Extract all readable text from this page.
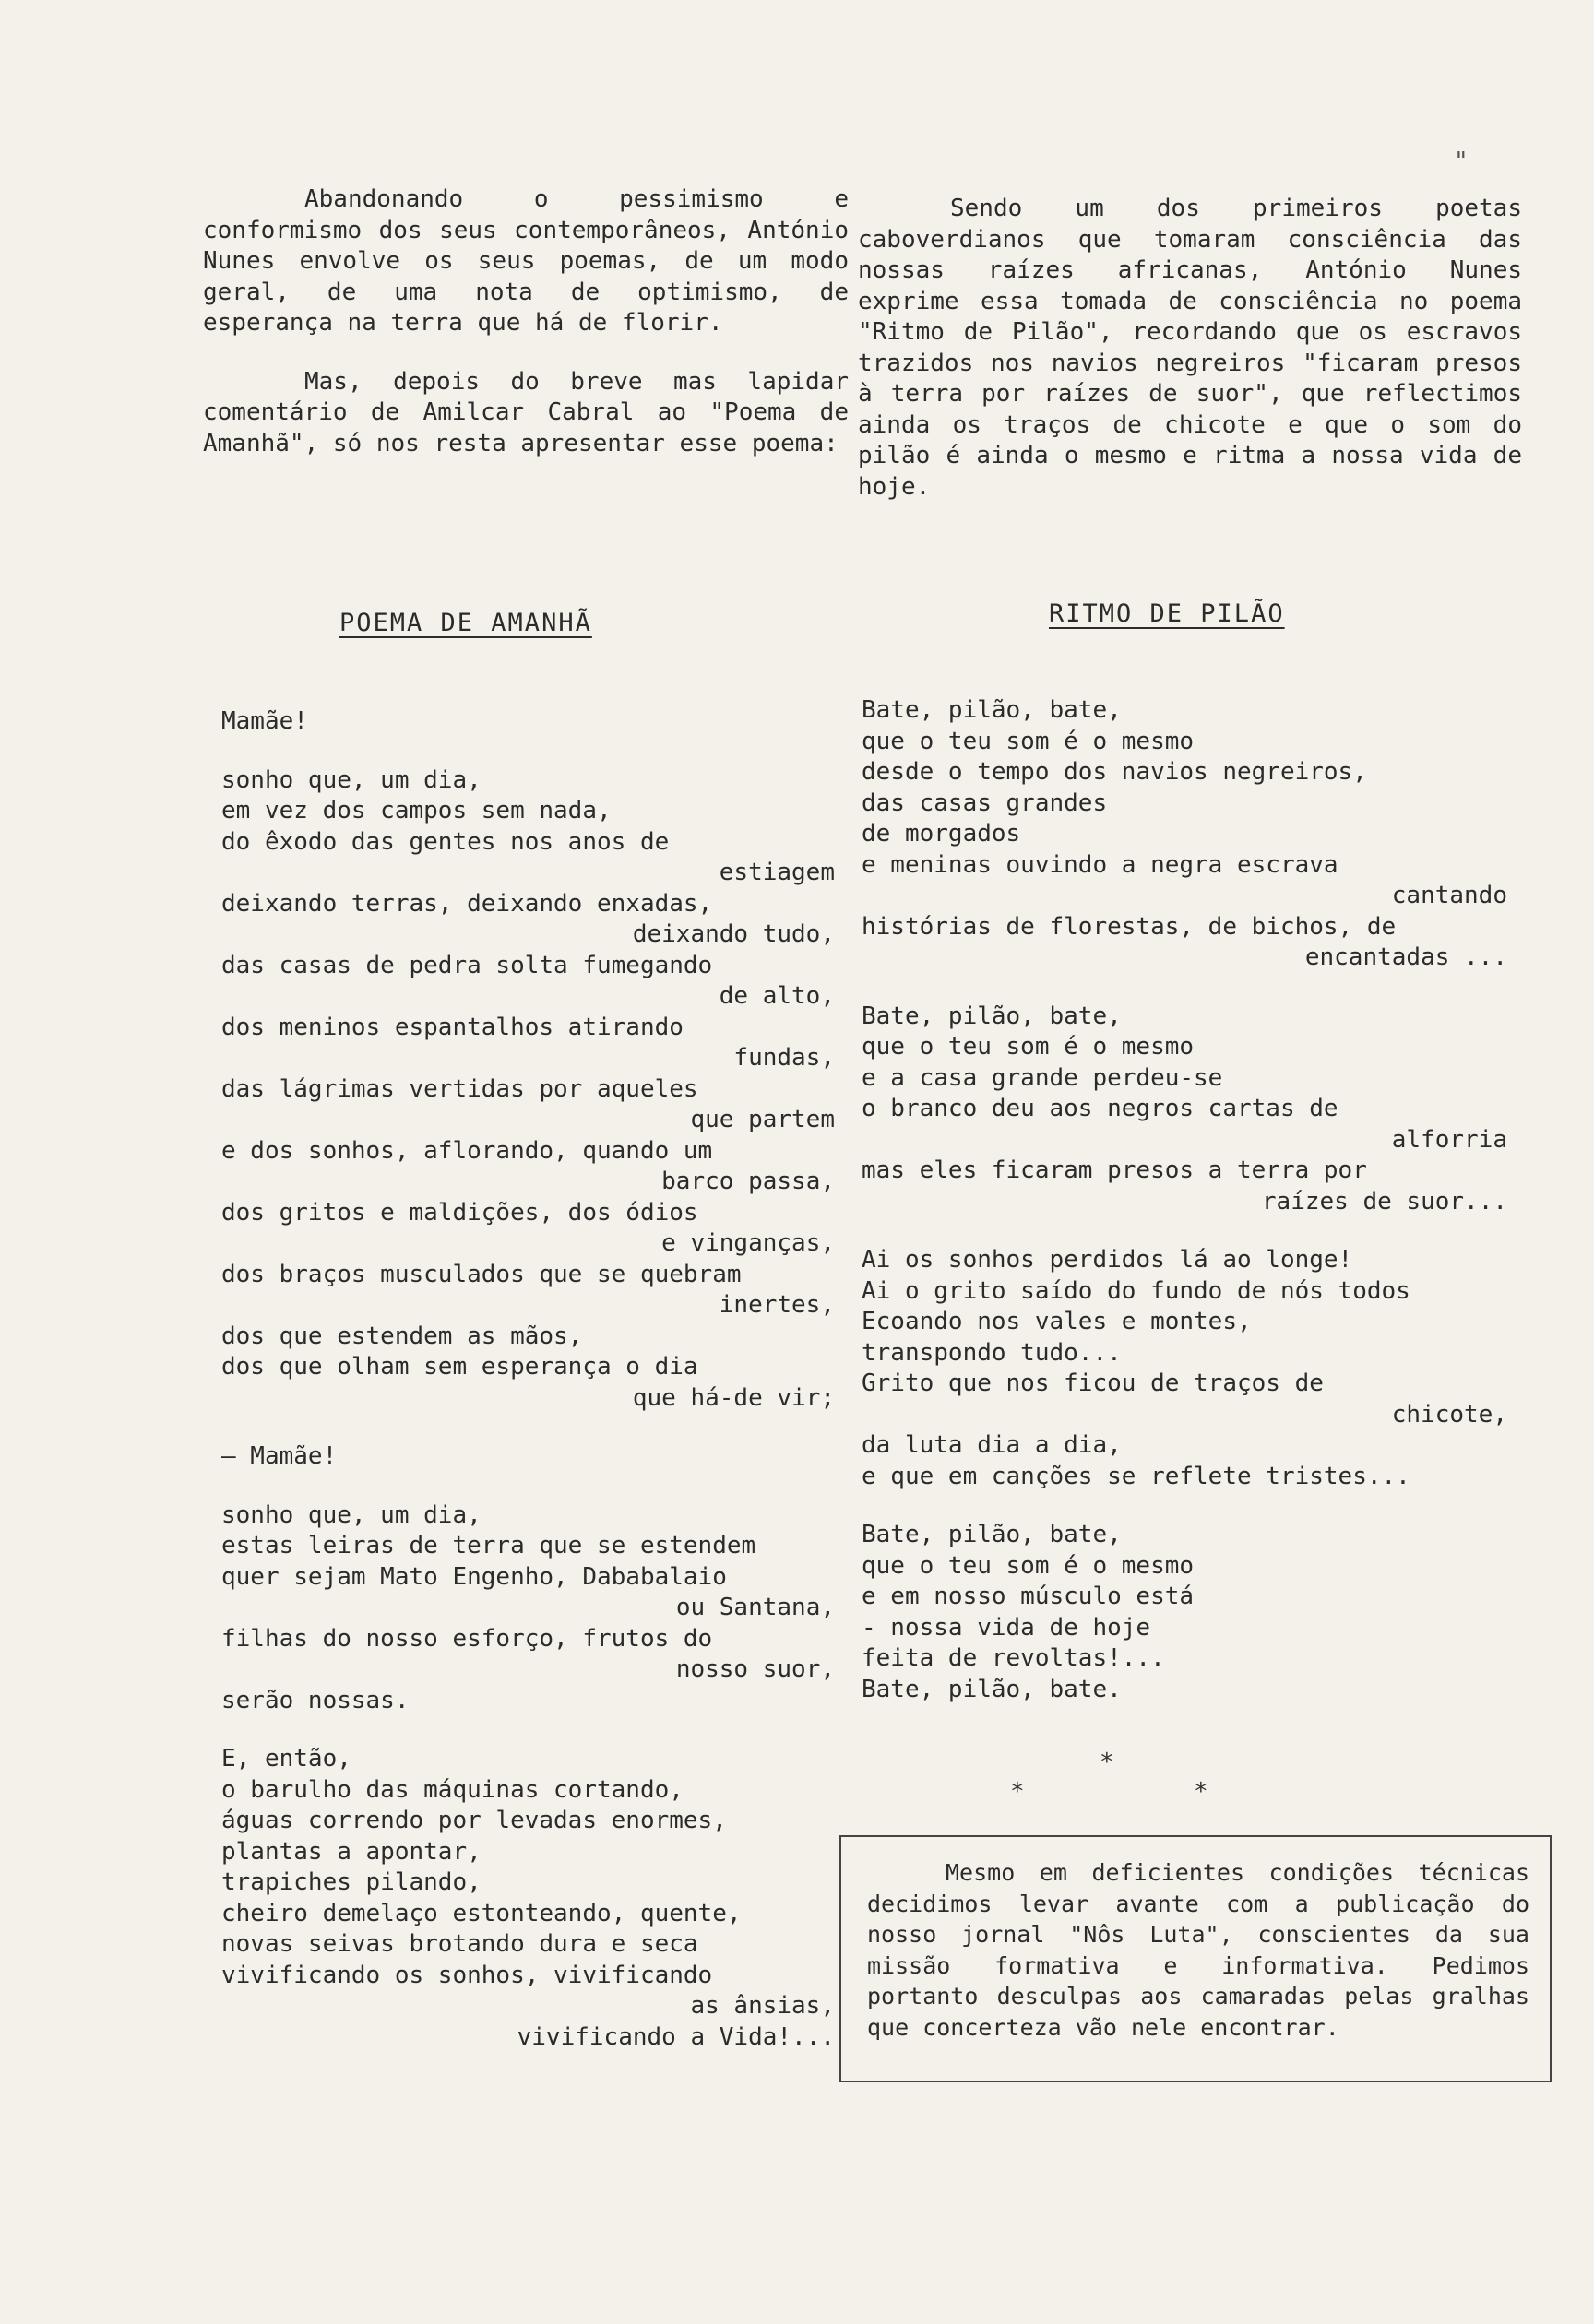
"

Abandonando o pessimismo e conformismo dos seus contemporâneos, António Nunes envolve os seus poemas, de um modo geral, de uma nota de optimismo, de esperança na terra que há de florir.

Mas, depois do breve mas lapidar comentário de Amilcar Cabral ao "Poema de Amanhã", só nos resta apresentar esse poema:

POEMA DE AMANHÃ
Mamãe!
sonho que, um dia,
em vez dos campos sem nada,
do êxodo das gentes nos anos de
estiagem
deixando terras, deixando enxadas,
deixando tudo,
das casas de pedra solta fumegando
de alto,
dos meninos espantalhos atirando
fundas,
das lágrimas vertidas por aqueles
que partem
e dos sonhos, aflorando, quando um
barco passa,
dos gritos e maldições, dos ódios
e vinganças,
dos braços musculados que se quebram
inertes,
dos que estendem as mãos,
dos que olham sem esperança o dia
que há-de vir;
— Mamãe!
sonho que, um dia,
estas leiras de terra que se estendem
quer sejam Mato Engenho, Dababalaio
ou Santana,
filhas do nosso esforço, frutos do
nosso suor,
serão nossas.
E, então,
o barulho das máquinas cortando,
águas correndo por levadas enormes,
plantas a apontar,
trapiches pilando,
cheiro demelaço estonteando, quente,
novas seivas brotando dura e seca
vivificando os sonhos, vivificando
as ânsias,
vivificando a Vida!...

Sendo um dos primeiros poetas caboverdianos que tomaram consciência das nossas raízes africanas, António Nunes exprime essa tomada de consciência no poema "Ritmo de Pilão", recordando que os escravos trazidos nos navios negreiros "ficaram presos à terra por raízes de suor", que reflectimos ainda os traços de chicote e que o som do pilão é ainda o mesmo e ritma a nossa vida de hoje.

RITMO DE PILÃO
Bate, pilão, bate,
que o teu som é o mesmo
desde o tempo dos navios negreiros,
das casas grandes
de morgados
e meninas ouvindo a negra escrava
cantando
histórias de florestas, de bichos, de
encantadas ...
Bate, pilão, bate,
que o teu som é o mesmo
e a casa grande perdeu-se
o branco deu aos negros cartas de
alforria
mas eles ficaram presos a terra por
raízes de suor...
Ai os sonhos perdidos lá ao longe!
Ai o grito saído do fundo de nós todos
Ecoando nos vales e montes,
transpondo tudo...
Grito que nos ficou de traços de
chicote,
da luta dia a dia,
e que em canções se reflete tristes...
Bate, pilão, bate,
que o teu som é o mesmo
e em nosso músculo está
- nossa vida de hoje
feita de revoltas!...
Bate, pilão, bate.
*
*	*

Mesmo em deficientes condições técnicas decidimos levar avante com a publicação do nosso jornal "Nôs Luta", conscientes da sua missão formativa e informativa. Pedimos portanto desculpas aos camaradas pelas gralhas que concerteza vão nele encontrar.
